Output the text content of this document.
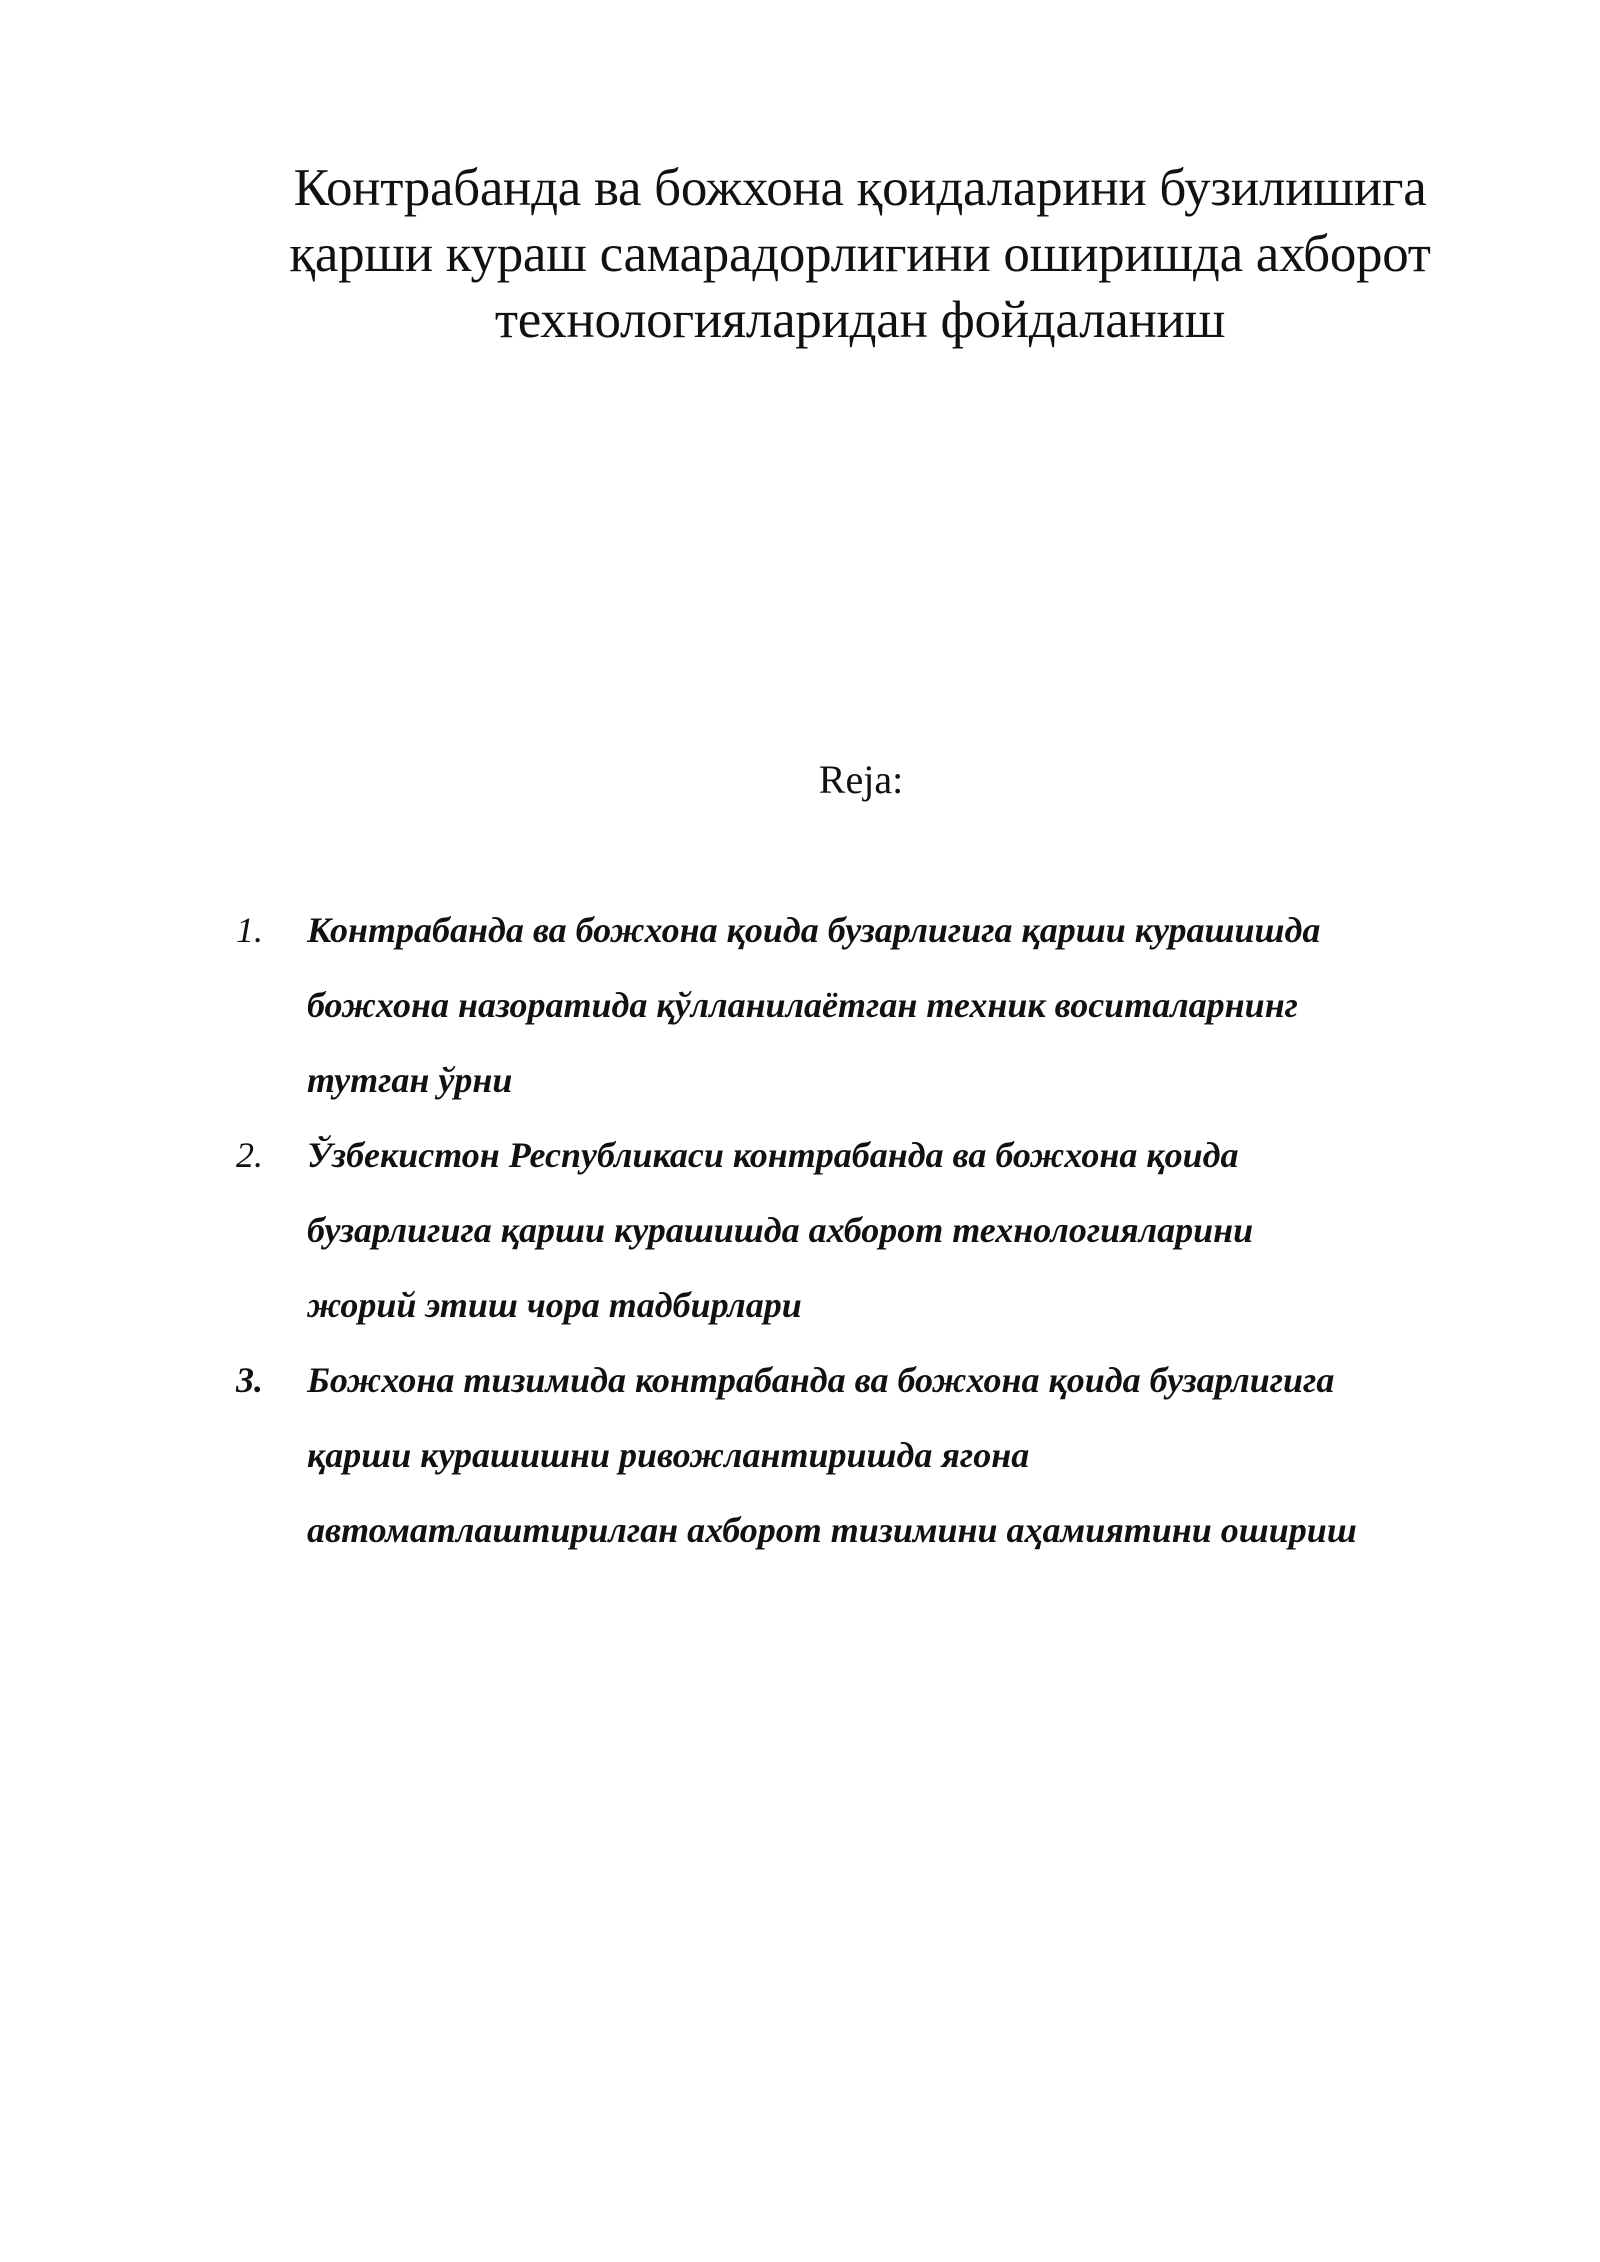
Контрабанда ва божхона қоидаларини бузилишига
қарши кураш самарадорлигини оширишда ахборот
технологияларидан фойдаланиш
Reja:
1. Контрабанда ва божхона қоида бузарлигига қарши курашишда
божхона назоратида қўлланилаётган техник воситаларнинг
тутган ўрни
2. Ўзбекистон Республикаси контрабанда ва божхона қоида
бузарлигига қарши курашишда ахборот технологияларини
жорий этиш чора тадбирлари
3. Божхона тизимида контрабанда ва божхона қоида бузарлигига
қарши курашишни ривожлантиришда ягона
автоматлаштирилган ахборот тизимини аҳамиятини ошириш
